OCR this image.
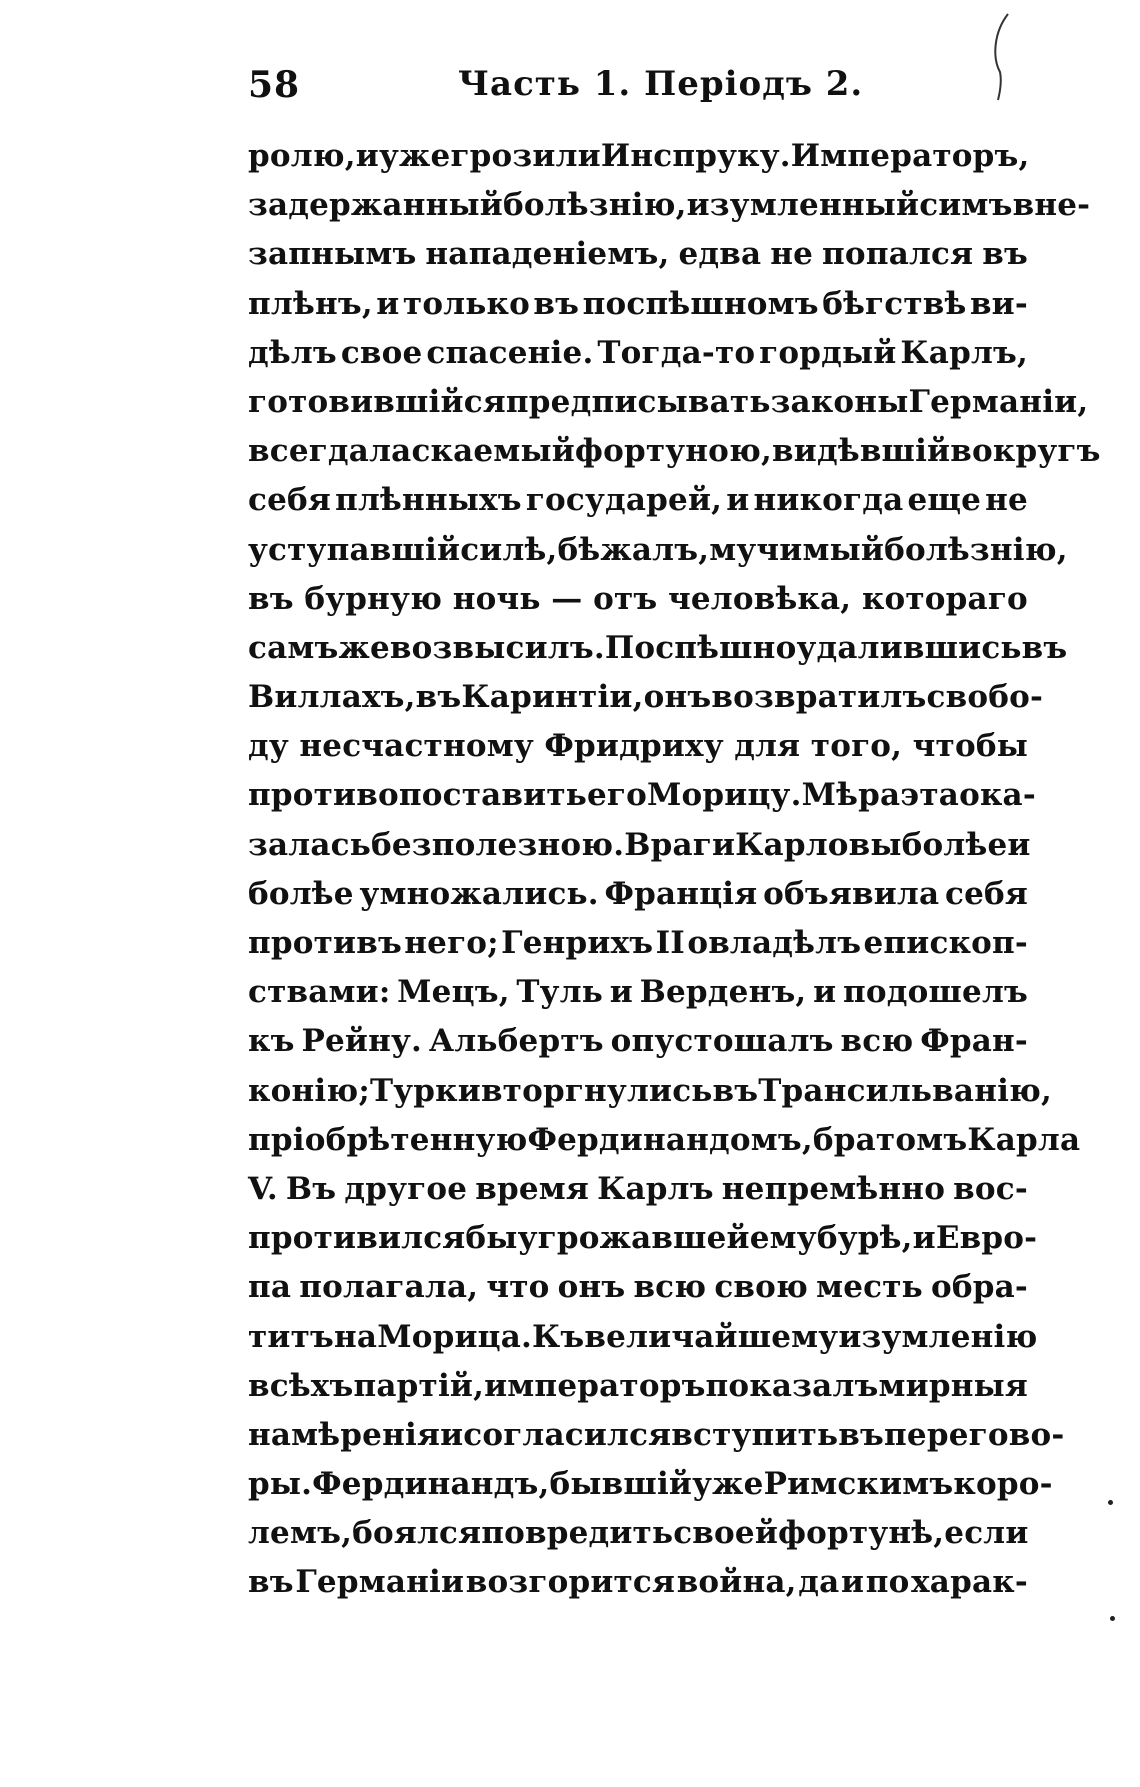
58	Часть 1. Перiодъ 2.
ролю, и уже грозили Инспруку. Императоръ,
задержанный болѣзнiю, изумленный симъ вне-
запнымъ нападенiемъ, едва не попался въ
плѣнъ, и только въ поспѣшномъ бѣгствѣ ви-
дѣлъ свое спасенiе. Тогда-то гордый Карлъ,
готовившiйся предписывать законы Германiи,
всегда ласкаемый фортуною, видѣвшiй вокругъ
себя плѣнныхъ государей, и никогда еще не
уступавшiй силѣ, бѣжалъ, мучимый болѣзнiю,
въ бурную ночь — отъ человѣка, котораго
самъ же возвысилъ. Поспѣшно удалившись въ
Виллахъ, въ Каринтiи, онъ возвратилъ свобо-
ду несчастному Фридриху для того, чтобы
противопоставить его Морицу. Мѣра эта ока-
залась безполезною. Враги Карловы болѣе и
болѣе умножались. Францiя объявила себя
противъ него; Генрихъ II овладѣлъ епископ-
ствами: Мецъ, Туль и Верденъ, и подошелъ
къ Рейну. Альбертъ опустошалъ всю Фран-
конiю; Турки вторгнулись въ Трансильванiю,
прiобрѣтенную Фердинандомъ, братомъ Карла
V. Въ другое время Карлъ непремѣнно вос-
противился бы угрожавшей ему бурѣ, и Евро-
па полагала, что онъ всю свою месть обра-
титъ на Морица. Къ величайшему изумленiю
всѣхъ партiй, императоръ показалъ мирныя
намѣренiя и согласился вступить въ перегово-
ры. Фердинандъ, бывшiй уже Римскимъ коро-
лемъ, боялся повредить своей фортунѣ, если
въ Германiи возгорится война, да и по харак-
